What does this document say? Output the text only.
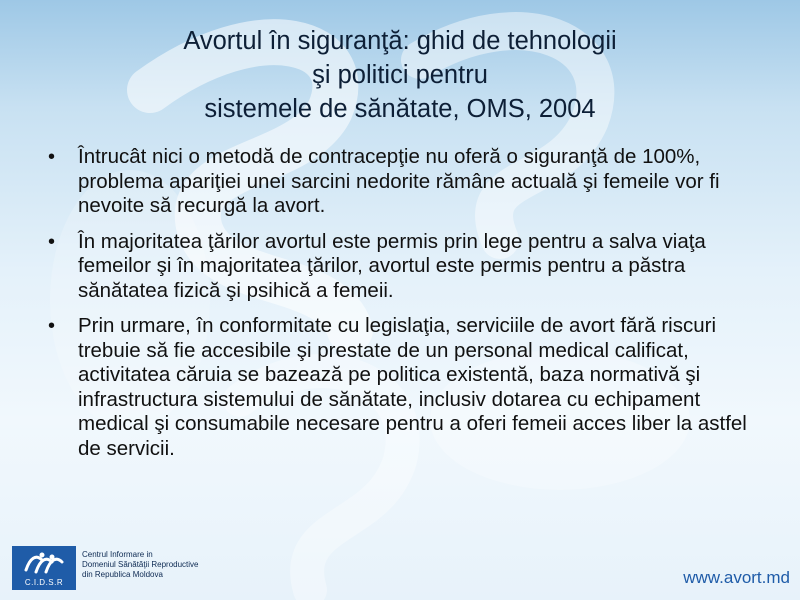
Avortul în siguranţă: ghid de tehnologii
şi politici pentru
sistemele de sănătate, OMS, 2004
• Întrucât nici o metodă de contracepţie nu oferă o siguranţă de 100%, problema apariţiei unei sarcini nedorite rămâne actuală şi femeile vor fi nevoite să recurgă la avort.
• În majoritatea ţărilor avortul este permis prin lege pentru a salva viaţa femeilor şi în majoritatea ţărilor, avortul este permis pentru a păstra sănătatea fizică şi psihică a femeii.
• Prin urmare, în conformitate cu legislaţia, serviciile de avort fără riscuri trebuie să fie accesibile şi prestate de un personal medical calificat, activitatea căruia se bazează pe politica existentă, baza normativă şi infrastructura sistemului de sănătate, inclusiv dotarea cu echipament medical şi consumabile necesare pentru a oferi femeii acces liber la astfel de servicii.
C.I.D.S.R
Centrul Informare in
Domeniul Sănătăţii Reproductive
din Republica Moldova	www.avort.md
